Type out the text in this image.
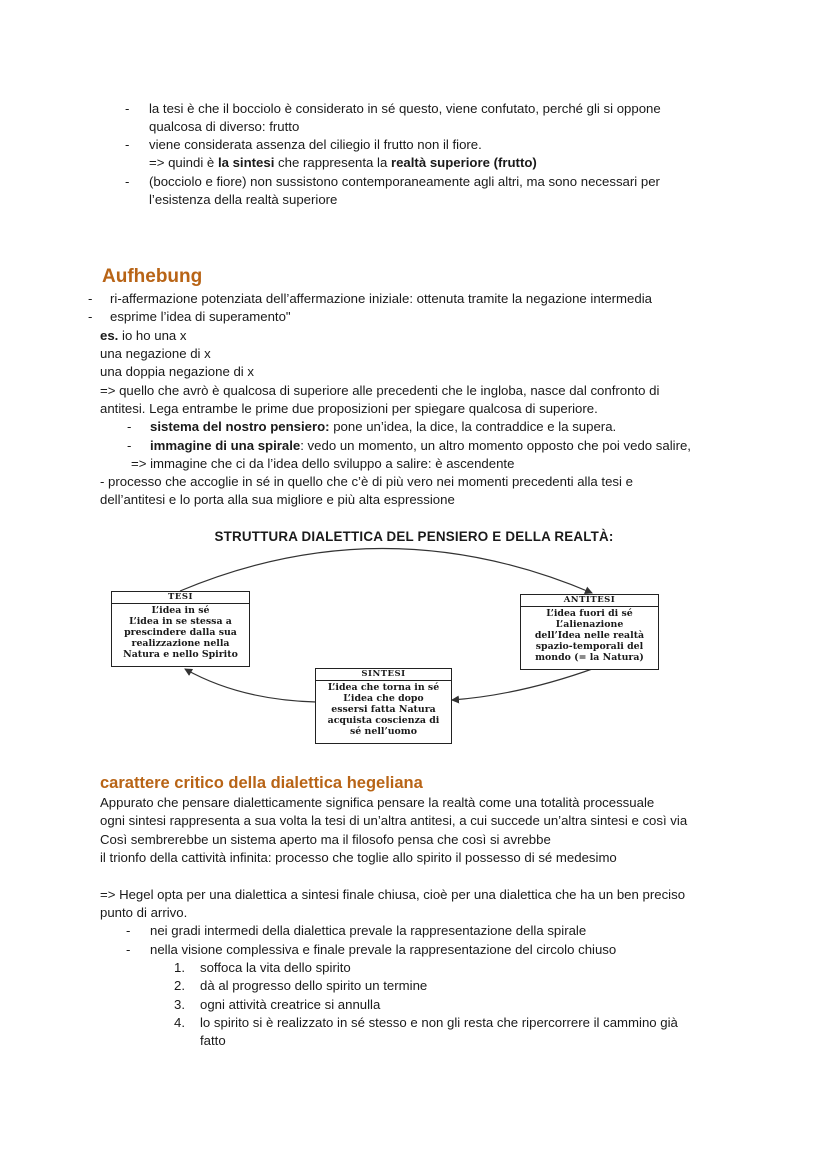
- la tesi è che il bocciolo è considerato in sé questo, viene confutato, perché gli si oppone
qualcosa di diverso: frutto
- viene considerata assenza del ciliegio il frutto non il fiore.
=> quindi è la sintesi che rappresenta la realtà superiore (frutto)
- (bocciolo e fiore) non sussistono contemporaneamente agli altri, ma sono necessari per
l’esistenza della realtà superiore
Aufhebung
- ri-affermazione potenziata dell’affermazione iniziale: ottenuta tramite la negazione intermedia
- esprime l’idea di superamento"
es. io ho una x
una negazione di x
una doppia negazione di x
=> quello che avrò è qualcosa di superiore alle precedenti che le ingloba, nasce dal confronto di
antitesi. Lega entrambe le prime due proposizioni per spiegare qualcosa di superiore.
- sistema del nostro pensiero: pone un’idea, la dice, la contraddice e la supera.
- immagine di una spirale: vedo un momento, un altro momento opposto che poi vedo salire,
=> immagine che ci da l’idea dello sviluppo a salire: è ascendente
- processo che accoglie in sé in quello che c’è di più vero nei momenti precedenti alla tesi e
dell’antitesi e lo porta alla sua migliore e più alta espressione
STRUTTURA DIALETTICA DEL PENSIERO E DELLA REALTÀ:
TESI
L’idea in sé
L’idea in se stessa a
prescindere dalla sua
realizzazione nella
Natura e nello Spirito
ANTITESI
L’idea fuori di sé
L’alienazione
dell’Idea nelle realtà
spazio-temporali del
mondo (= la Natura)
SINTESI
L’idea che torna in sé
L’idea che dopo
essersi fatta Natura
acquista coscienza di
sé nell’uomo
carattere critico della dialettica hegeliana
Appurato che pensare dialetticamente significa pensare la realtà come una totalità processuale
ogni sintesi rappresenta a sua volta la tesi di un’altra antitesi, a cui succede un’altra sintesi e così via
Così sembrerebbe un sistema aperto ma il filosofo pensa che così si avrebbe
il trionfo della cattività infinita: processo che toglie allo spirito il possesso di sé medesimo
=> Hegel opta per una dialettica a sintesi finale chiusa, cioè per una dialettica che ha un ben preciso
punto di arrivo.
- nei gradi intermedi della dialettica prevale la rappresentazione della spirale
- nella visione complessiva e finale prevale la rappresentazione del circolo chiuso
1. soffoca la vita dello spirito
2. dà al progresso dello spirito un termine
3. ogni attività creatrice si annulla
4. lo spirito si è realizzato in sé stesso e non gli resta che ripercorrere il cammino già
fatto
